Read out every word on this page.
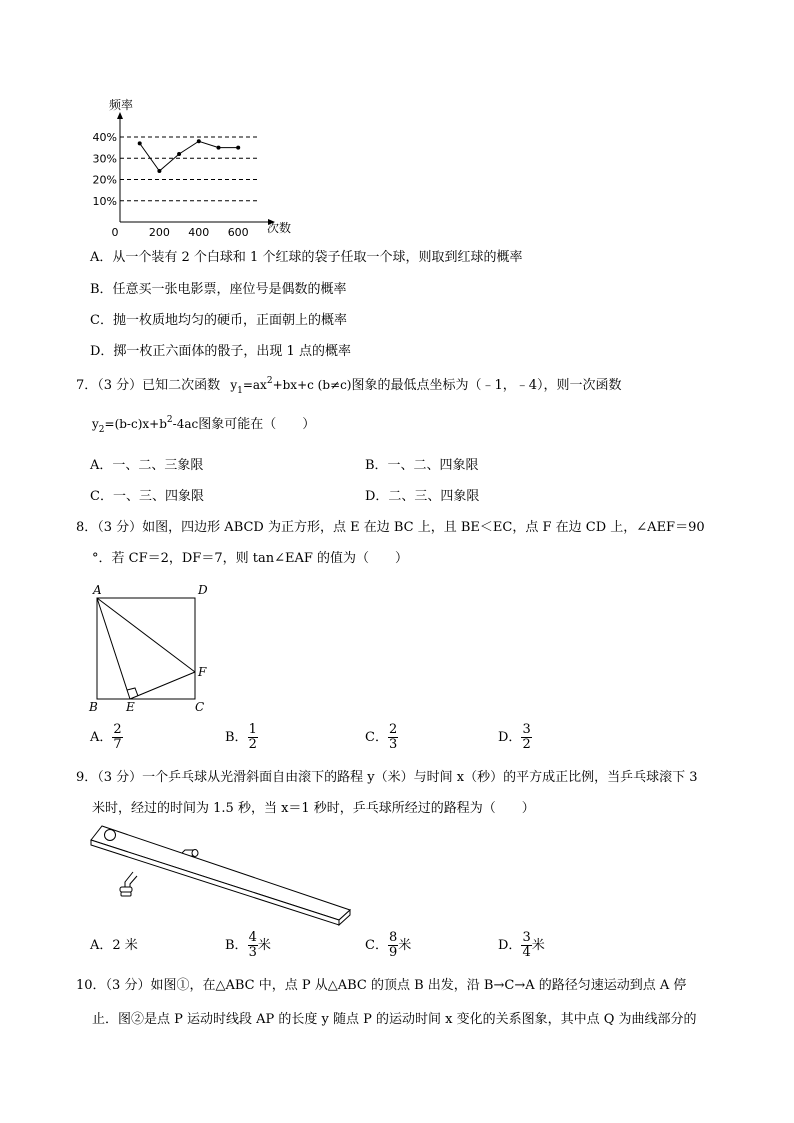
频率
次数
10%
20%
30%
40%
0	200 400 600
A．从一个装有 2 个白球和 1 个红球的袋子任取一个球，则取到红球的概率
B．任意买一张电影票，座位号是偶数的概率
C．抛一枚质地均匀的硬币，正面朝上的概率
D．掷一枚正六面体的骰子，出现 1 点的概率
7．（3 分）已知二次函数 $y_1=ax^2+bx+c$ (b≠c)图象的最低点坐标为（﹣1，﹣4），则一次函数
$y_2=(b-c)x+b^2-4ac$图象可能在（　　）
A．一、二、三象限	B．一、二、四象限
C．一、三、四象限	D．二、三、四象限
8．（3 分）如图，四边形 ABCD 为正方形，点 E 在边 BC 上，且 BE＜EC，点 F 在边 CD 上，∠AEF＝90
°．若 CF＝2，DF＝7，则 tan∠EAF 的值为（　　）
A	D
F
B E	C
A． $\frac{2}{7}$	B． $\frac{1}{2}$	C． $\frac{2}{3}$	D． $\frac{3}{2}$
9．（3 分）一个乒乓球从光滑斜面自由滚下的路程 y（米）与时间 x（秒）的平方成正比例，当乒乓球滚下 3
米时，经过的时间为 1.5 秒，当 x＝1 秒时，乒乓球所经过的路程为（　　）
A．2 米	B． $\frac{4}{3}$ 米	C． $\frac{8}{9}$ 米	D． $\frac{3}{4}$ 米
10．（3 分）如图①，在△ABC 中，点 P 从△ABC 的顶点 B 出发，沿 B→C→A 的路径匀速运动到点 A 停
止．图②是点 P 运动时线段 AP 的长度 y 随点 P 的运动时间 x 变化的关系图象，其中点 Q 为曲线部分的
